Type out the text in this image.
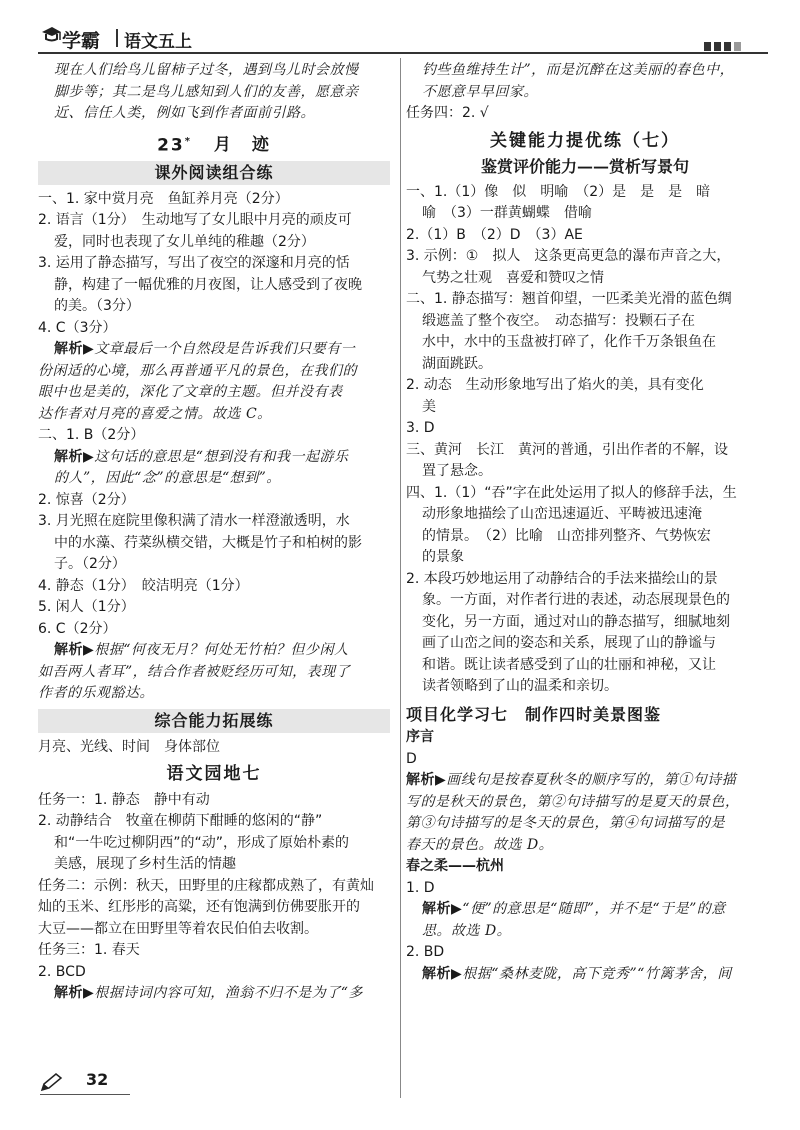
学霸 语文五上

现在人们给鸟儿留柿子过冬，遇到鸟儿时会放慢

脚步等；其二是鸟儿感知到人们的友善，愿意亲

近、信任人类，例如飞到作者面前引路。

23* 月　迹
课外阅读组合练

一、1. 家中赏月亮　鱼缸养月亮（2分）

2. 语言（1分）　生动地写了女儿眼中月亮的顽皮可

爱，同时也表现了女儿单纯的稚趣（2分）

3. 运用了静态描写，写出了夜空的深邃和月亮的恬

静，构建了一幅优雅的月夜图，让人感受到了夜晚

的美。（3分）

4. C（3分）

解析▶文章最后一个自然段是告诉我们只要有一

份闲适的心境，那么再普通平凡的景色，在我们的

眼中也是美的，深化了文章的主题。但并没有表

达作者对月亮的喜爱之情。故选 C。

二、1. B（2分）

解析▶这句话的意思是“想到没有和我一起游乐

的人”，因此“念”的意思是“想到”。

2. 惊喜（2分）

3. 月光照在庭院里像积满了清水一样澄澈透明，水

中的水藻、荇菜纵横交错，大概是竹子和柏树的影

子。（2分）

4. 静态（1分）　皎洁明亮（1分）

5. 闲人（1分）

6. C（2分）

解析▶根据“何夜无月？何处无竹柏？但少闲人

如吾两人者耳”，结合作者被贬经历可知，表现了

作者的乐观豁达。

综合能力拓展练

月亮、光线、时间　身体部位

语文园地七

任务一：1. 静态　静中有动

2. 动静结合　牧童在柳荫下酣睡的悠闲的“静”

和“一牛吃过柳阴西”的“动”，形成了原始朴素的

美感，展现了乡村生活的情趣

任务二：示例：秋天，田野里的庄稼都成熟了，有黄灿

灿的玉米、红彤彤的高粱，还有饱满到仿佛要胀开的

大豆——都立在田野里等着农民伯伯去收割。

任务三：1. 春天

2. BCD

解析▶根据诗词内容可知，渔翁不归不是为了“多

钓些鱼维持生计”，而是沉醉在这美丽的春色中，

不愿意早早回家。

任务四：2. √

关键能力提优练（七）
鉴赏评价能力——赏析写景句

一、1.（1）像　似　明喻　（2）是　是　是　暗

喻　（3）一群黄蝴蝶　借喻

2.（1）B　（2）D　（3）AE

3. 示例：①　拟人　这条更高更急的瀑布声音之大，

气势之壮观　喜爱和赞叹之情

二、1. 静态描写：翘首仰望，一匹柔美光滑的蓝色绸

缎遮盖了整个夜空。　动态描写：投颗石子在

水中，水中的玉盘被打碎了，化作千万条银鱼在

湖面跳跃。

2. 动态　生动形象地写出了焰火的美，具有变化

美

3. D

三、黄河　长江　黄河的普通，引出作者的不解，设

置了悬念。

四、1.（1）“吞”字在此处运用了拟人的修辞手法，生

动形象地描绘了山峦迅速逼近、平畴被迅速淹

的情景。　（2）比喻　山峦排列整齐、气势恢宏

的景象

2. 本段巧妙地运用了动静结合的手法来描绘山的景

象。一方面，对作者行进的表述，动态展现景色的

变化，另一方面，通过对山的静态描写，细腻地刻

画了山峦之间的姿态和关系，展现了山的静谧与

和谐。既让读者感受到了山的壮丽和神秘，又让

读者领略到了山的温柔和亲切。

项目化学习七　制作四时美景图鉴

序言

D

解析▶画线句是按春夏秋冬的顺序写的，第①句诗描

写的是秋天的景色，第②句诗描写的是夏天的景色，

第③句诗描写的是冬天的景色，第④句词描写的是

春天的景色。故选 D。

春之柔——杭州

1. D

解析▶“便”的意思是“随即”，并不是“于是”的意

思。故选 D。

2. BD

解析▶根据“桑林麦陇，高下竞秀”“竹篱茅舍，间

32
